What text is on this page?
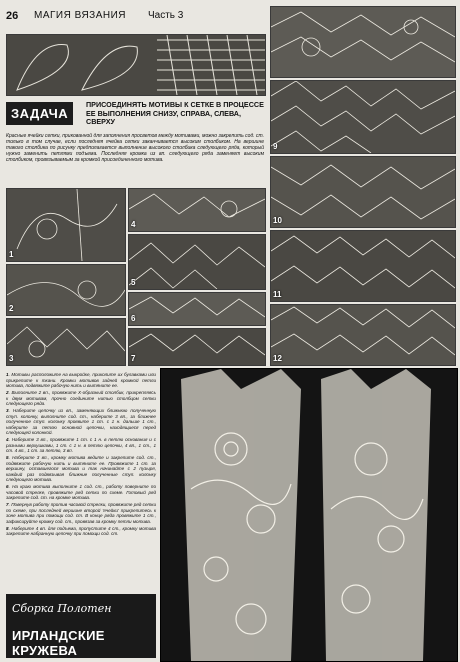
26 МАГИЯ ВЯЗАНИЯ Часть 3
9
10
11
12
ЗАДАЧА
ПРИСОЕДИНЯТЬ МОТИВЫ К СЕТКЕ В ПРОЦЕССЕ ЕЕ ВЫПОЛНЕНИЯ СНИЗУ, СПРАВА, СЛЕВА, СВЕРХУ
Красные ячейки сетки, прикованной для заполнения просветов между мотивами, можно закрепить сод. ст. только в том случае, если последняя ячейка сетки заканчивается высоким столбиком. На вершине такого столбика по рисунку предполагается выполнение высокого столбика следующего ряда, который нужно заменить петлями подъема. Последняя кромка из вп. следующего ряда заменяет высоким столбиком, провязываемым за кромкой присоединенного мотива.
1
4
5
2
6
3	7

1. Мотивы расположите на выкройке, приколите их булавками или прикрепите к ткани. Кромки мотивов задней кромкой петли мотива, подвяжите рабочую нить и вытяните ее.

2. Выполните 2 вп., провяжите Х-образный столбик, прикрепляясь к двум мотивам, прочно соедините нитью столбцом сетки следующего ряда.

3. Наберите цепочку из вп., заменяющих ближнюю полученную ступ. колонку, выполните сод. ст., наберите 3 вп., за ближнее полученное ступ. колонку проявите 1 ст. с 1 н. дальше 1 ст., наберите за петлю основной цепочки, находящиеся перед следующей колонкой.

4. Наберите 3 вп., провяжите 1 ст. с 1 н. в петлю основания и с разными верхушками, 1 ст. с 1 н. в петлю цепочки, 4 вп., 1 ст., 1 ст. 4 вп., 1 ст. за петлю, 3 вп.

5. Наберите 3 вп., кромку мотива ведите и закрепите сод. ст., подвяжите рабочую нить и вытяните ее. Провяжите 1 ст. за вершину, оставшегося мотива и так начинайте с 2 пузыря, каждый раз подвязывая ближние полученные ступ. колонку следующего мотива.

6. На краю мотива выполните 1 сод. ст., работу поверните по часовой стрелке, провяжите ряд сетки по схеме. Готовый ряд закрепите сод. ст. на кромке мотива.

7. Повернув работу против часовой стрелки, провяжите ряд сетки по схеме, при последней вершине второй 'ячейки' прикрепитесь к зоне мотива при помощи сод. ст. В конце ряда провяжите 1 ст., зафиксируйте кромку сод. ст., провязав за кромку петли мотива.

8. Наберите 4 вп. для подъема, пропустите 4 ст., кромку мотива закрепите набранную цепочку при помощи сод. ст.

Сборка Полотен
ИРЛАНДСКИЕ КРУЖЕВА
